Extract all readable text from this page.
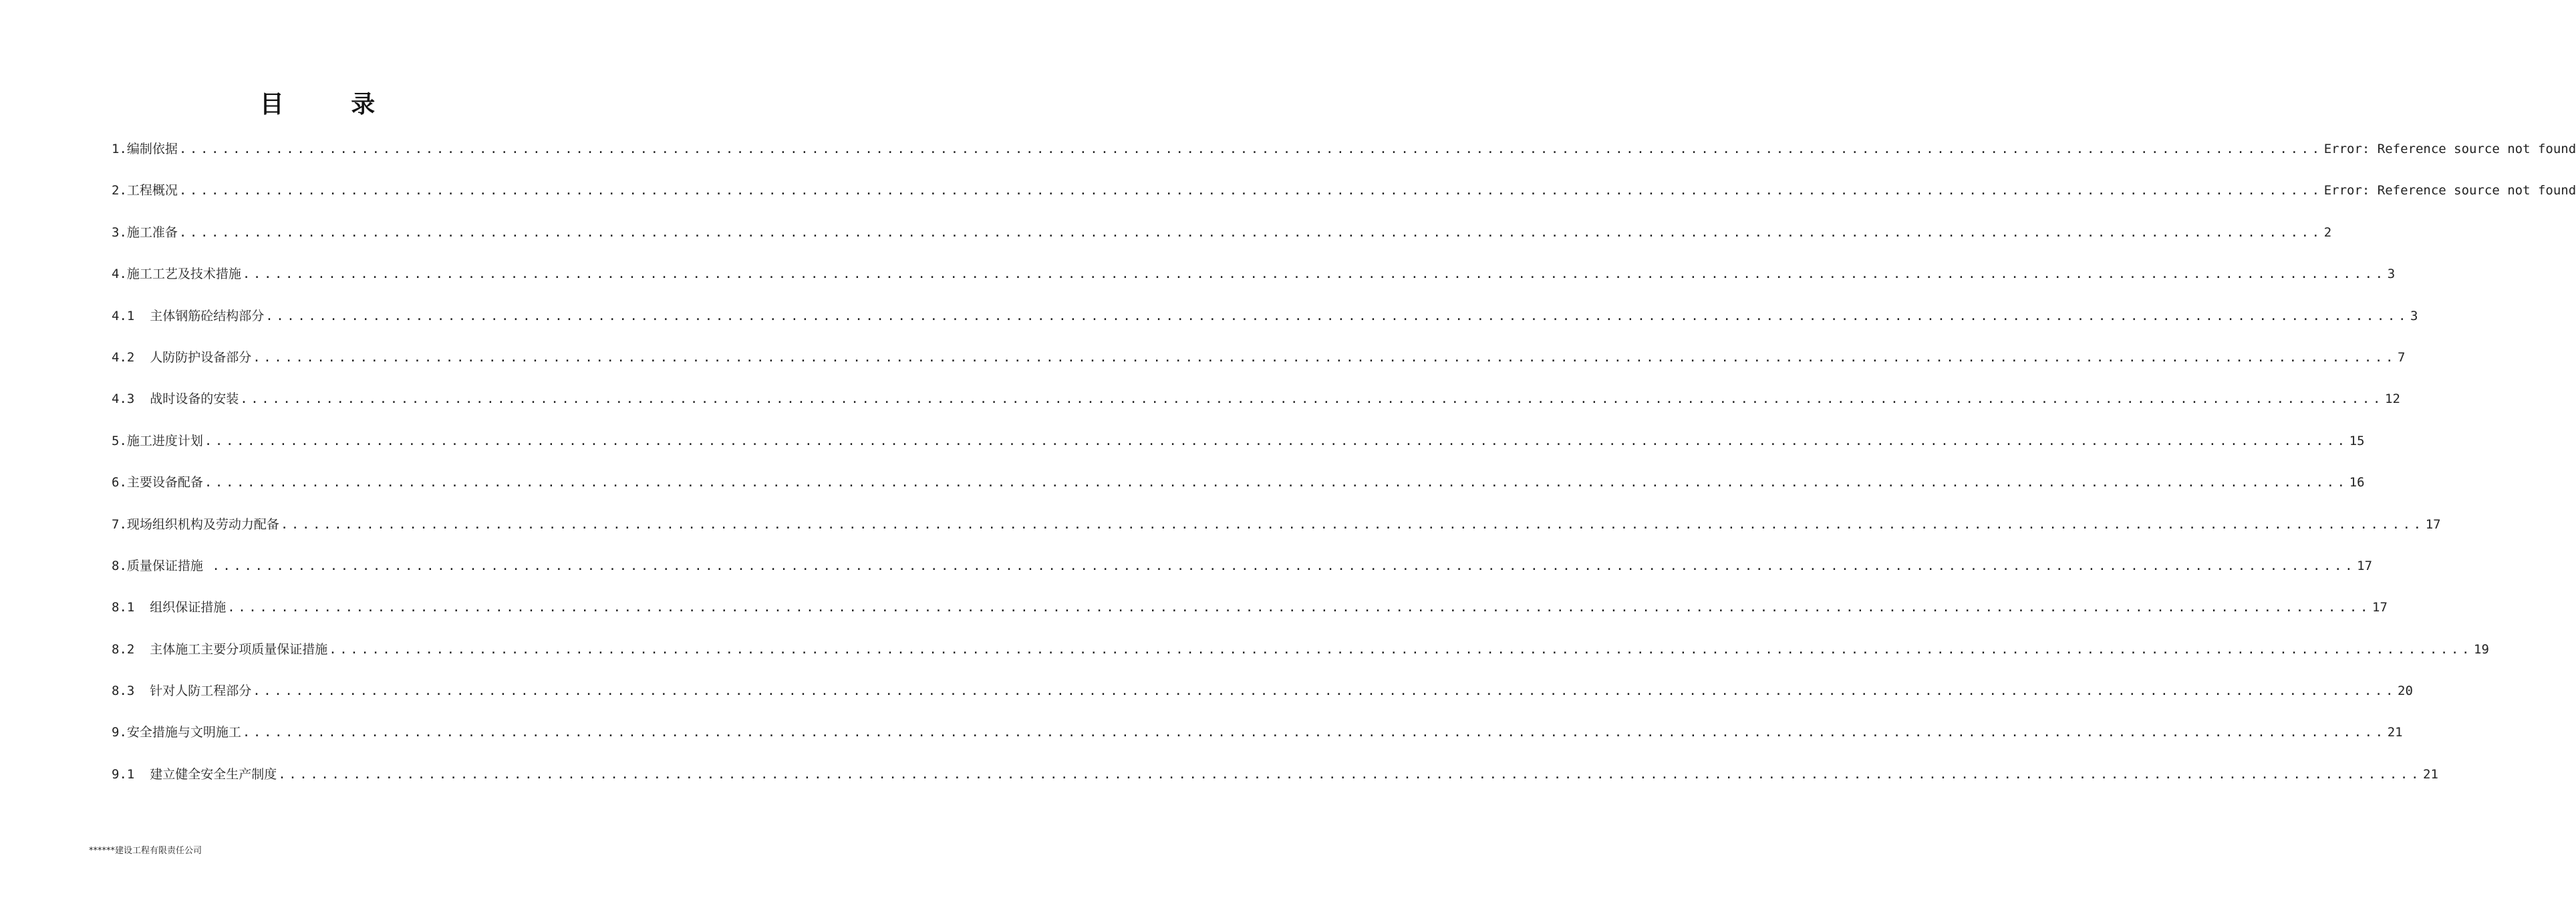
目 录
1.编制依据 ........................................................................................................................................................................................................ Error: Reference source not found
2.工程概况 ........................................................................................................................................................................................................ Error: Reference source not found
3.施工准备 ........................................................................................................................................................................................................ 2
4.施工工艺及技术措施 ........................................................................................................................................................................................................ 3
4.1  主体钢筋砼结构部分 ........................................................................................................................................................................................................ 3
4.2  人防防护设备部分 ........................................................................................................................................................................................................ 7
4.3  战时设备的安装 ........................................................................................................................................................................................................ 12
5.施工进度计划 ........................................................................................................................................................................................................ 15
6.主要设备配备 ........................................................................................................................................................................................................ 16
7.现场组织机构及劳动力配备 ........................................................................................................................................................................................................ 17
8.质量保证措施 ........................................................................................................................................................................................................ 17
8.1  组织保证措施 ........................................................................................................................................................................................................ 17
8.2  主体施工主要分项质量保证措施 ........................................................................................................................................................................................................ 19
8.3  针对人防工程部分 ........................................................................................................................................................................................................ 20
9.安全措施与文明施工 ........................................................................................................................................................................................................ 21
9.1  建立健全安全生产制度 ........................................................................................................................................................................................................ 21
******建设工程有限责任公司
